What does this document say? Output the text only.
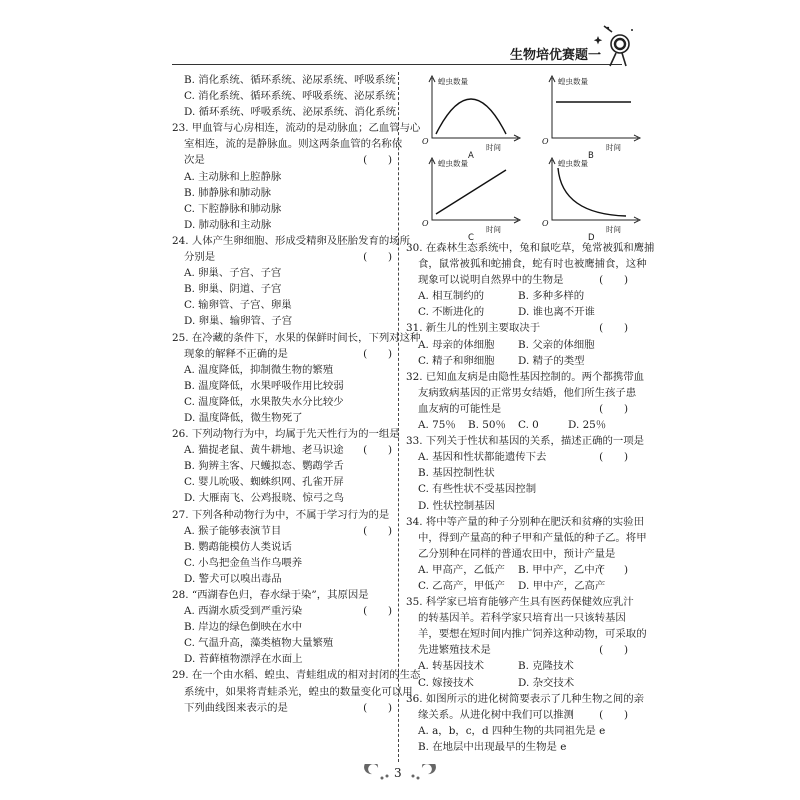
生物培优赛题一
B. 消化系统、循环系统、泌尿系统、呼吸系统
C. 消化系统、循环系统、呼吸系统、泌尿系统
D. 循环系统、呼吸系统、泌尿系统、消化系统
23. 甲血管与心房相连，流动的是动脉血；乙血管与心
室相连，流的是静脉血。则这两条血管的名称依
次是	(　　)
A. 主动脉和上腔静脉
B. 肺静脉和肺动脉
C. 下腔静脉和肺动脉
D. 肺动脉和主动脉
24. 人体产生卵细胞、形成受精卵及胚胎发育的场所
分别是	(　　)
A. 卵巢、子宫、子宫
B. 卵巢、阴道、子宫
C. 输卵管、子宫、卵巢
D. 卵巢、输卵管、子宫
25. 在冷藏的条件下，水果的保鲜时间长，下列对这种
现象的解释不正确的是	(　　)
A. 温度降低，抑制微生物的繁殖
B. 温度降低，水果呼吸作用比较弱
C. 温度降低，水果散失水分比较少
D. 温度降低，微生物死了
26. 下列动物行为中，均属于先天性行为的一组是
(　　)
A. 猫捉老鼠、黄牛耕地、老马识途
B. 狗辨主客、尺蠖拟态、鹦鹉学舌
C. 婴儿吮吸、蜘蛛织网、孔雀开屏
D. 大雁南飞、公鸡报晓、惊弓之鸟
27. 下列各种动物行为中，不属于学习行为的是
(　　)
A. 猴子能够表演节目
B. 鹦鹉能模仿人类说话
C. 小鸟把金鱼当作乌喂养
D. 警犬可以嗅出毒品
28. “西湖春色归，春水绿于染”，其原因是
(　　)
A. 西湖水质受到严重污染
B. 岸边的绿色倒映在水中
C. 气温升高，藻类植物大量繁殖
D. 苔藓植物漂浮在水面上
29. 在一个由水稻、蝗虫、青蛙组成的相对封闭的生态
系统中，如果将青蛙杀光，蝗虫的数量变化可以用
下列曲线图来表示的是	(　　)
蝗虫数量
时间
O
A
蝗虫数量
时间
O
B
蝗虫数量
时间
O
C
蝗虫数量
时间
O
D
30. 在森林生态系统中，兔和鼠吃草，兔常被狐和鹰捕
食，鼠常被狐和蛇捕食，蛇有时也被鹰捕食，这种
现象可以说明自然界中的生物是	(　　)
A. 相互制约的	B. 多种多样的
C. 不断进化的	D. 谁也离不开谁
31. 新生儿的性别主要取决于	(　　)
A. 母亲的体细胞 B. 父亲的体细胞
C. 精子和卵细胞 D. 精子的类型
32. 已知血友病是由隐性基因控制的。两个都携带血
友病致病基因的正常男女结婚，他们所生孩子患
血友病的可能性是	(　　)
A. 75％ B. 50％ C. 0	D. 25％
33. 下列关于性状和基因的关系，描述正确的一项是
(　　)
A. 基因和性状都能遗传下去
B. 基因控制性状
C. 有些性状不受基因控制
D. 性状控制基因
34. 将中等产量的种子分别种在肥沃和贫瘠的实验田
中，得到产量高的种子甲和产量低的种子乙。将甲
乙分别种在同样的普通农田中，预计产量是
(　　)
A. 甲高产，乙低产 B. 甲中产，乙中产
C. 乙高产，甲低产 D. 甲中产，乙高产
35. 科学家已培育能够产生具有医药保健效应乳汁
的转基因羊。若科学家只培育出一只该转基因
羊，要想在短时间内推广饲养这种动物，可采取的
先进繁殖技术是	(　　)
A. 转基因技术	B. 克隆技术
C. 嫁接技术	D. 杂交技术
36. 如图所示的进化树简要表示了几种生物之间的亲
缘关系。从进化树中我们可以推测 (　　)
A. a，b，c，d 四种生物的共同祖先是 e
B. 在地层中出现最早的生物是 e
3
